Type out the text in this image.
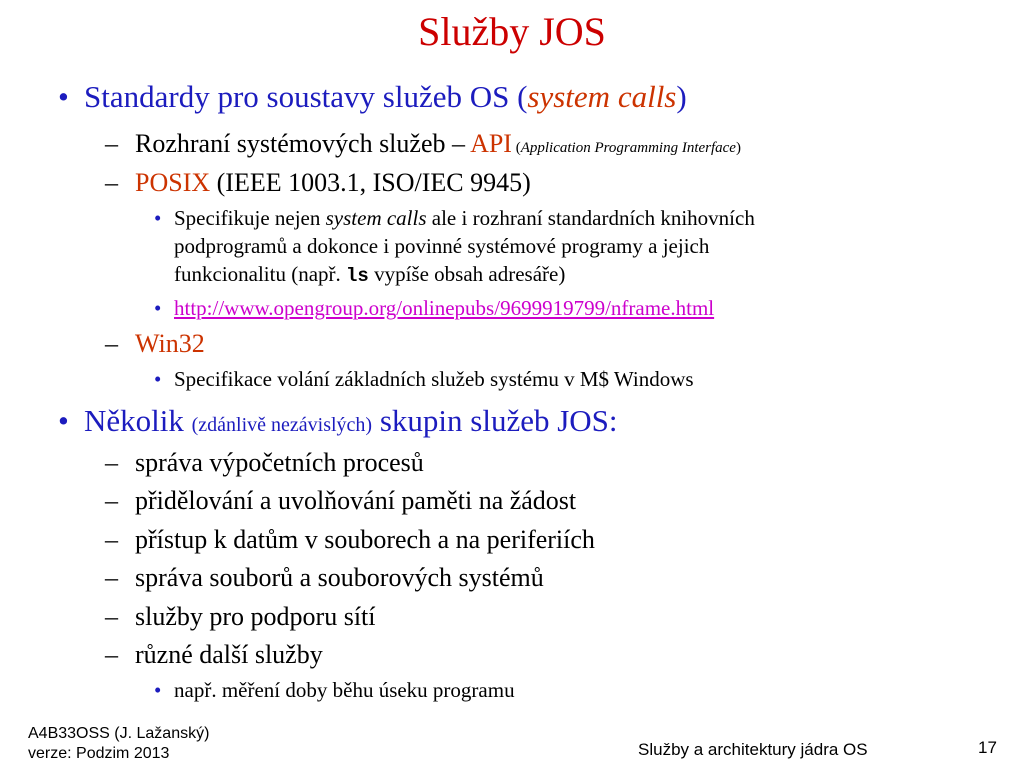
Služby JOS
• Standardy pro soustavy služeb OS (system calls)
– Rozhraní systémových služeb – API (Application Programming Interface)
– POSIX (IEEE 1003.1, ISO/IEC 9945)
• Specifikuje nejen system calls ale i rozhraní standardních knihovních
podprogramů a dokonce i povinné systémové programy a jejich
funkcionalitu (např. ls vypíše obsah adresáře)
• http://www.opengroup.org/onlinepubs/9699919799/nframe.html
– Win32
• Specifikace volání základních služeb systému v M$ Windows
• Několik (zdánlivě nezávislých) skupin služeb JOS:
– správa výpočetních procesů
– přidělování a uvolňování paměti na žádost
– přístup k datům v souborech a na periferiích
– správa souborů a souborových systémů
– služby pro podporu sítí
– různé další služby
• např. měření doby běhu úseku programu
A4B33OSS (J. Lažanský)
verze: Podzim 2013	Služby a architektury jádra OS	17
